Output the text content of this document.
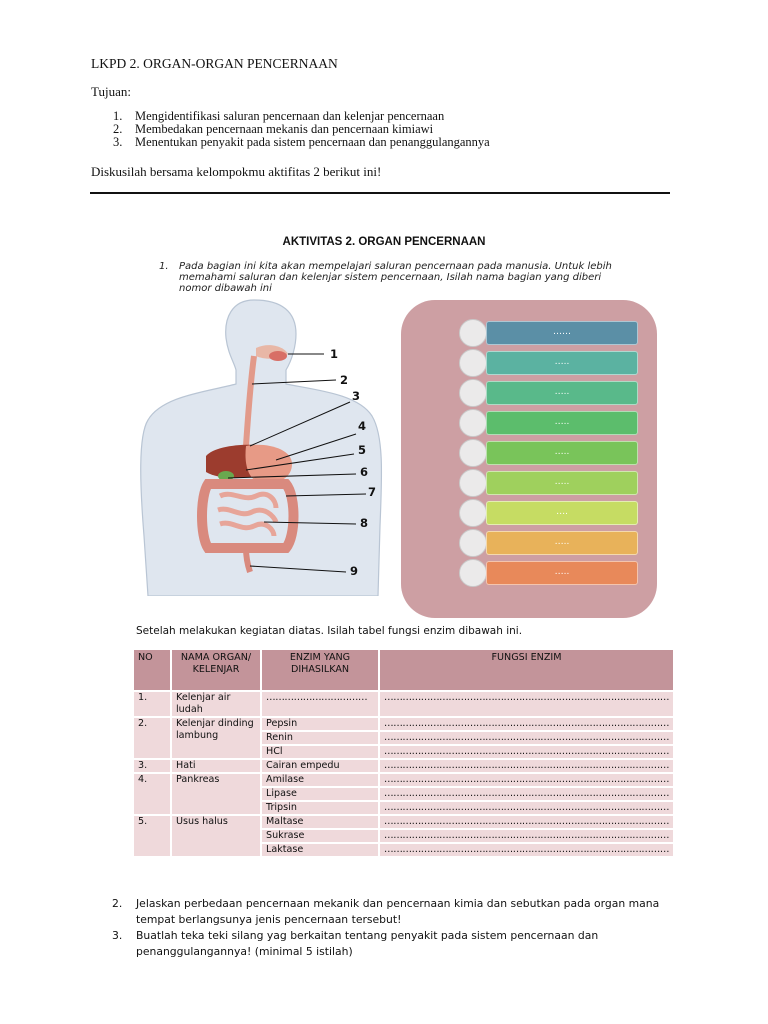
LKPD 2. ORGAN-ORGAN PENCERNAAN
Tujuan:
1. Mengidentifikasi saluran pencernaan dan kelenjar pencernaan
2. Membedakan pencernaan mekanis dan pencernaan kimiawi
3. Menentukan penyakit pada sistem pencernaan dan penanggulangannya
Diskusilah bersama kelompokmu aktifitas 2 berikut ini!
AKTIVITAS 2. ORGAN PENCERNAAN
1. Pada bagian ini kita akan mempelajari saluran pencernaan pada manusia. Untuk lebih
memahami saluran dan kelenjar sistem pencernaan, Isilah nama bagian yang diberi
nomor dibawah ini
1
2
3
4
5
6
7
8
9
……
…..
…..
…..
…..
…..
….
…..
…..
Setelah melakukan kegiatan diatas. Isilah tabel fungsi enzim dibawah ini.
NO	NAMA ORGAN/ KELENJAR	ENZIM YANG DIHASILKAN	FUNGSI ENZIM
1.	Kelenjar air ludah	……………………………	…………………………………………………………………………………
2.	Kelenjar dinding lambung	Pepsin	…………………………………………………………………………………
		Renin	…………………………………………………………………………………
		HCl	…………………………………………………………………………………
3.	Hati	Cairan empedu	…………………………………………………………………………………
4.	Pankreas	Amilase	…………………………………………………………………………………
		Lipase	…………………………………………………………………………………
		Tripsin	…………………………………………………………………………………
5.	Usus halus	Maltase	…………………………………………………………………………………
		Sukrase	…………………………………………………………………………………
		Laktase	…………………………………………………………………………………
2. Jelaskan perbedaan pencernaan mekanik dan pencernaan kimia dan sebutkan pada organ mana tempat berlangsunya jenis pencernaan tersebut!
3. Buatlah teka teki silang yag berkaitan tentang penyakit pada sistem pencernaan dan penanggulangannya! (minimal 5 istilah)
